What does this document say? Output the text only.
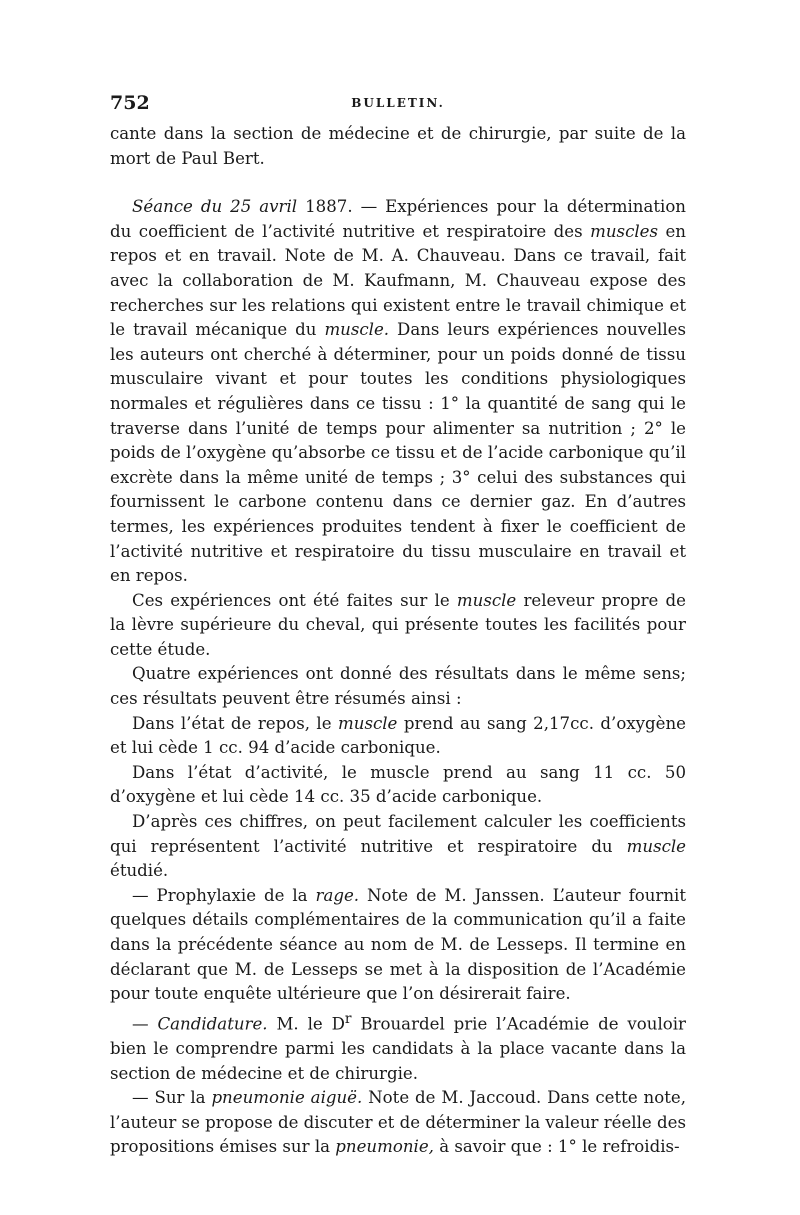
752	BULLETIN.

cante dans la section de médecine et de chirurgie, par suite de la mort de Paul Bert.

Séance du 25 avril 1887. — Expériences pour la détermination du coefficient de l’activité nutritive et respiratoire des muscles en repos et en travail. Note de M. A. Chauveau. Dans ce travail, fait avec la collaboration de M. Kaufmann, M. Chauveau expose des recherches sur les relations qui existent entre le travail chimique et le travail mécanique du muscle. Dans leurs expériences nouvelles les auteurs ont cherché à déterminer, pour un poids donné de tissu musculaire vivant et pour toutes les conditions physiologiques normales et régulières dans ce tissu : 1° la quantité de sang qui le traverse dans l’unité de temps pour alimenter sa nutrition ; 2° le poids de l’oxygène qu’absorbe ce tissu et de l’acide carbonique qu’il excrète dans la même unité de temps ; 3° celui des substances qui fournissent le carbone contenu dans ce dernier gaz. En d’autres termes, les expériences produites tendent à fixer le coefficient de l’activité nutritive et respiratoire du tissu musculaire en travail et en repos.

Ces expériences ont été faites sur le muscle releveur propre de la lèvre supérieure du cheval, qui présente toutes les facilités pour cette étude.

Quatre expériences ont donné des résultats dans le même sens; ces résultats peuvent être résumés ainsi :

Dans l’état de repos, le muscle prend au sang 2,17cc. d’oxygène et lui cède 1 cc. 94 d’acide carbonique.

Dans l’état d’activité, le muscle prend au sang 11 cc. 50 d’oxygène et lui cède 14 cc. 35 d’acide carbonique.

D’après ces chiffres, on peut facilement calculer les coefficients qui représentent l’activité nutritive et respiratoire du muscle étudié.

— Prophylaxie de la rage. Note de M. Janssen. L’auteur fournit quelques détails complémentaires de la communication qu’il a faite dans la précédente séance au nom de M. de Lesseps. Il termine en déclarant que M. de Lesseps se met à la disposition de l’Académie pour toute enquête ultérieure que l’on désirerait faire.

— Candidature. M. le $D^r$ Brouardel prie l’Académie de vouloir bien le comprendre parmi les candidats à la place vacante dans la section de médecine et de chirurgie.

— Sur la pneumonie aiguë. Note de M. Jaccoud. Dans cette note, l’auteur se propose de discuter et de déterminer la valeur réelle des propositions émises sur la pneumonie, à savoir que : 1° le refroidis-
